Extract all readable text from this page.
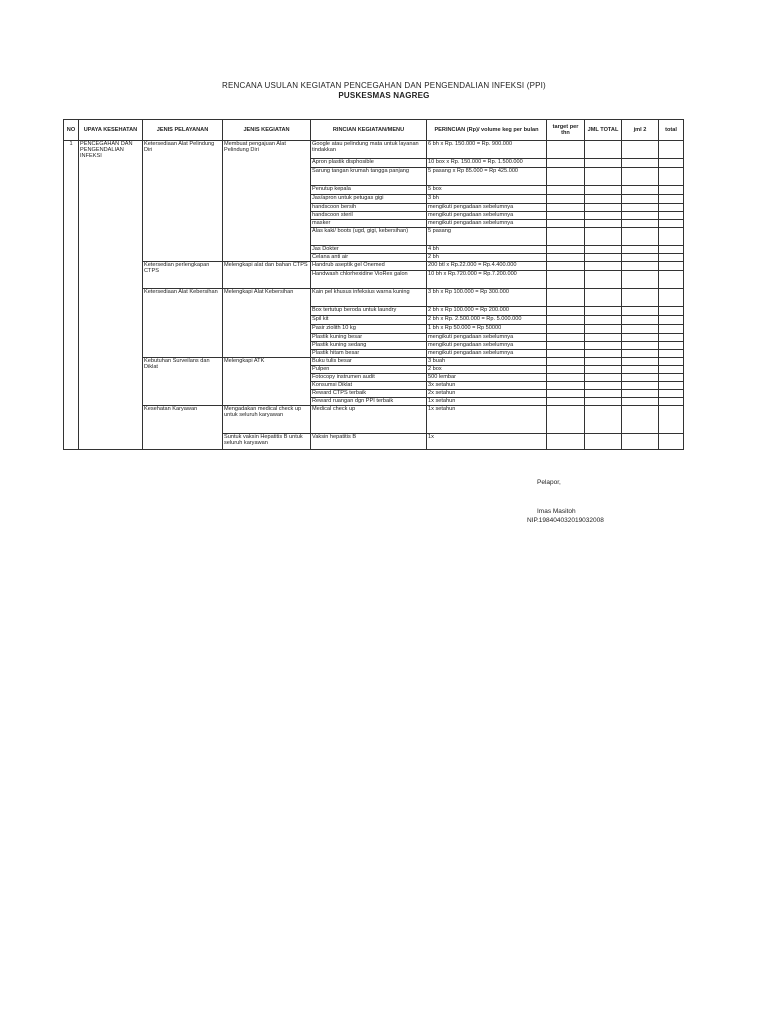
RENCANA USULAN KEGIATAN PENCEGAHAN DAN PENGENDALIAN INFEKSI (PPI)
PUSKESMAS NAGREG
NO	UPAYA KESEHATAN	JENIS PELAYANAN	JENIS KEGIATAN	RINCIAN KEGIATAN/MENU	PERINCIAN (Rp)/ volume keg per bulan	target per thn	JML TOTAL	jml 2	total
1	PENCEGAHAN DAN PENGENDALIAN INFEKSI	Ketersediaan Alat Pelindung Diri	Membuat pengajuan Alat Pelindung Diri	Google atau pelindung mata untuk layanan tindakkan	6 bh x Rp. 150.000 = Rp. 900.000				
				Apron plastik disphosible	10 box x Rp. 150.000 = Rp. 1.500.000				
				Sarung tangan krumah tangga panjang	5 pasang x Rp 85.000 = Rp 425.000				
				Penutup kepala	5 box				
				Jas/apron untuk petugas gigi	3 bh				
				handscoon bersih	mengikuti pengadaan sebelumnya				
				handscoon steril	mengikuti pengadaan sebelumnya				
				masker	mengikuti pengadaan sebelumnya				
				Alas kaki/ boots (ugd, gigi, kebersihan)	5 pasang				
				Jas Dokter	4 bh				
				Celana anti air	2 bh				
		Ketersedian perlengkapan CTPS	Melengkapi alat dan bahan CTPS	Handrub aseptik gel Onemed	200 btl x Rp.22.000 = Rp.4.400.000				
				Handwash chlorhexidine VioRex galon	10 bh x Rp.720.000 = Rp.7.200.000				
		Ketersediaan Alat Kebersihan	Melengkapi Alat Kebersihan	Kain pel khusus infeksius warna kuning	3 bh x Rp 100.000 = Rp 300.000				
				Box tertutup beroda untuk laundry	2 bh x Rp 100.000 = Rp 200.000				
				Spil kit	2 bh x Rp. 2.500.000 = Rp. 5.000.000				
				Pasir ziolith 10 kg	1 bh x Rp 50.000 = Rp 50000				
				Plastik kuning besar	mengikuti pengadaan sebelumnya				
				Plastik kuning sedang	mengikuti pengadaan sebelumnya				
				Plastik hitam besar	mengikuti pengadaan sebelumnya				
		Kebutuhan Surveilans dan Diklat	Melengkapi ATK	Buku tulis besar	3 buah				
				Pulpen	2 box				
				Fotocopy instrumen audit	500 lembar				
				Konsumsi Diklat	3x setahun				
				Reward CTPS terbaik	2x setahun				
				Reward ruangan dgn PPI terbaik	1x setahun				
		Kesehatan Karyawan	Mengadakan medical check up untuk seluruh karyawan	Medical check up	1x setahun				
			Suntuk vaksin Hepatitis B untuk seluruh karyawan	Vaksin hepatitis B	1x				
Pelapor,
Imas Masitoh
NIP.198404032019032008
